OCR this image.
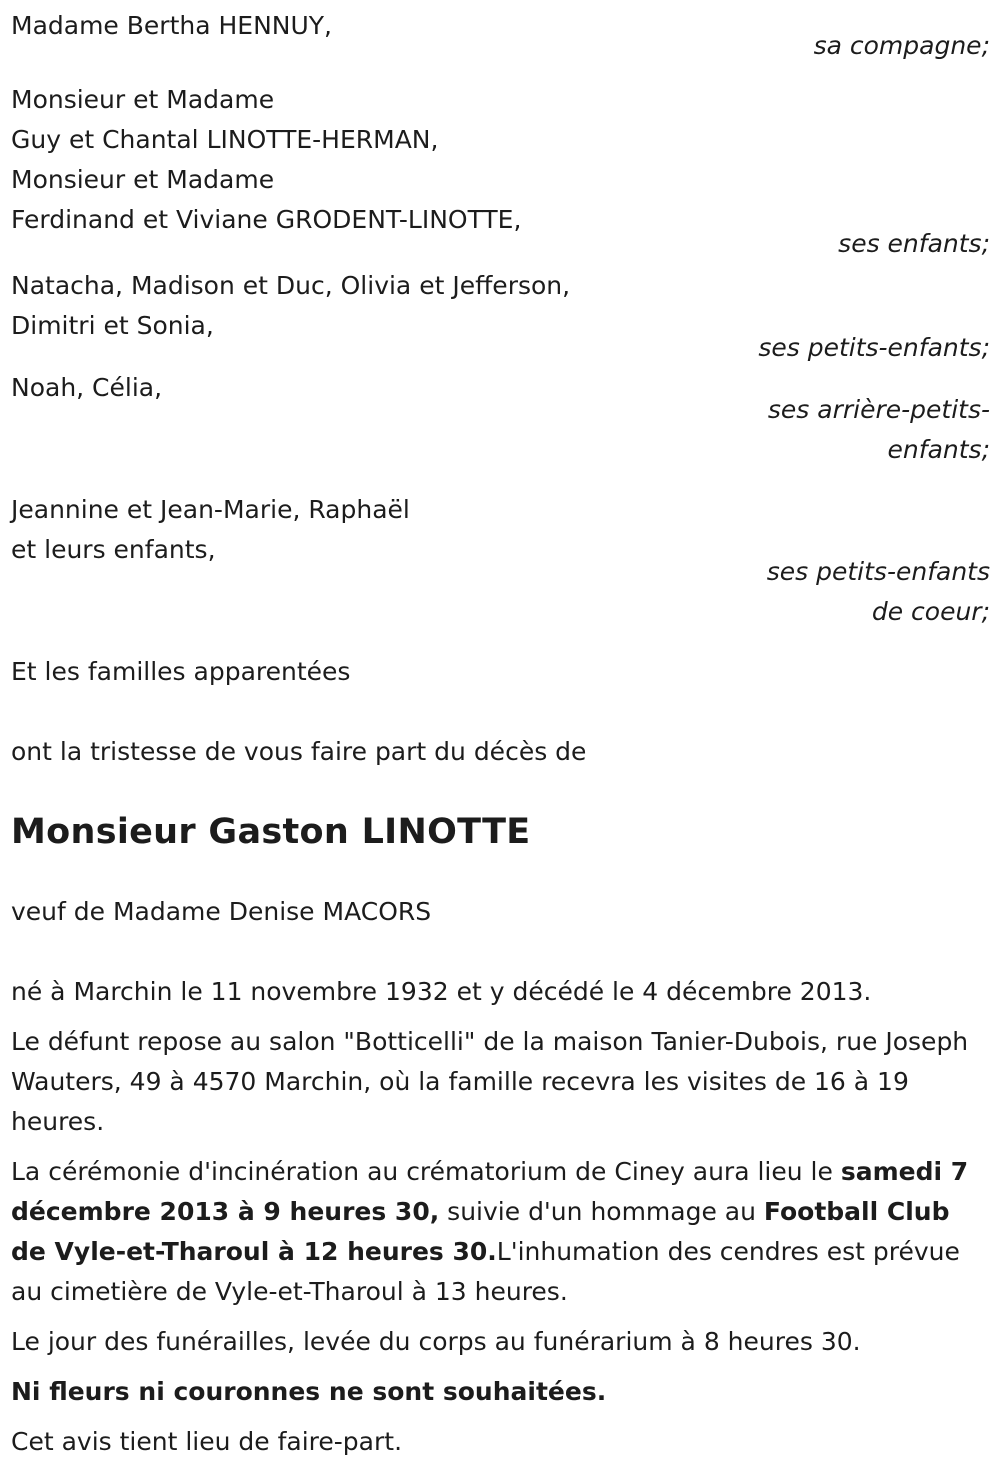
Madame Bertha HENNUY,
sa compagne;
Monsieur et Madame
Guy et Chantal LINOTTE-HERMAN,
Monsieur et Madame
Ferdinand et Viviane GRODENT-LINOTTE,
ses enfants;
Natacha, Madison et Duc, Olivia et Jefferson,
Dimitri et Sonia,
ses petits-enfants;
Noah, Célia,
ses arrière-petits-
enfants;
Jeannine et Jean-Marie, Raphaël
et leurs enfants,
ses petits-enfants
de coeur;
Et les familles apparentées
ont la tristesse de vous faire part du décès de
Monsieur Gaston LINOTTE
veuf de Madame Denise MACORS
né à Marchin le 11 novembre 1932 et y décédé le 4 décembre 2013.
Le défunt repose au salon "Botticelli" de la maison Tanier-Dubois, rue Joseph Wauters, 49 à 4570 Marchin, où la famille recevra les visites de 16 à 19 heures.
La cérémonie d'incinération au crématorium de Ciney aura lieu le samedi 7 décembre 2013 à 9 heures 30, suivie d'un hommage au Football Club de Vyle-et-Tharoul à 12 heures 30.L'inhumation des cendres est prévue au cimetière de Vyle-et-Tharoul à 13 heures.
Le jour des funérailles, levée du corps au funérarium à 8 heures 30.
Ni fleurs ni couronnes ne sont souhaitées.
Cet avis tient lieu de faire-part.
